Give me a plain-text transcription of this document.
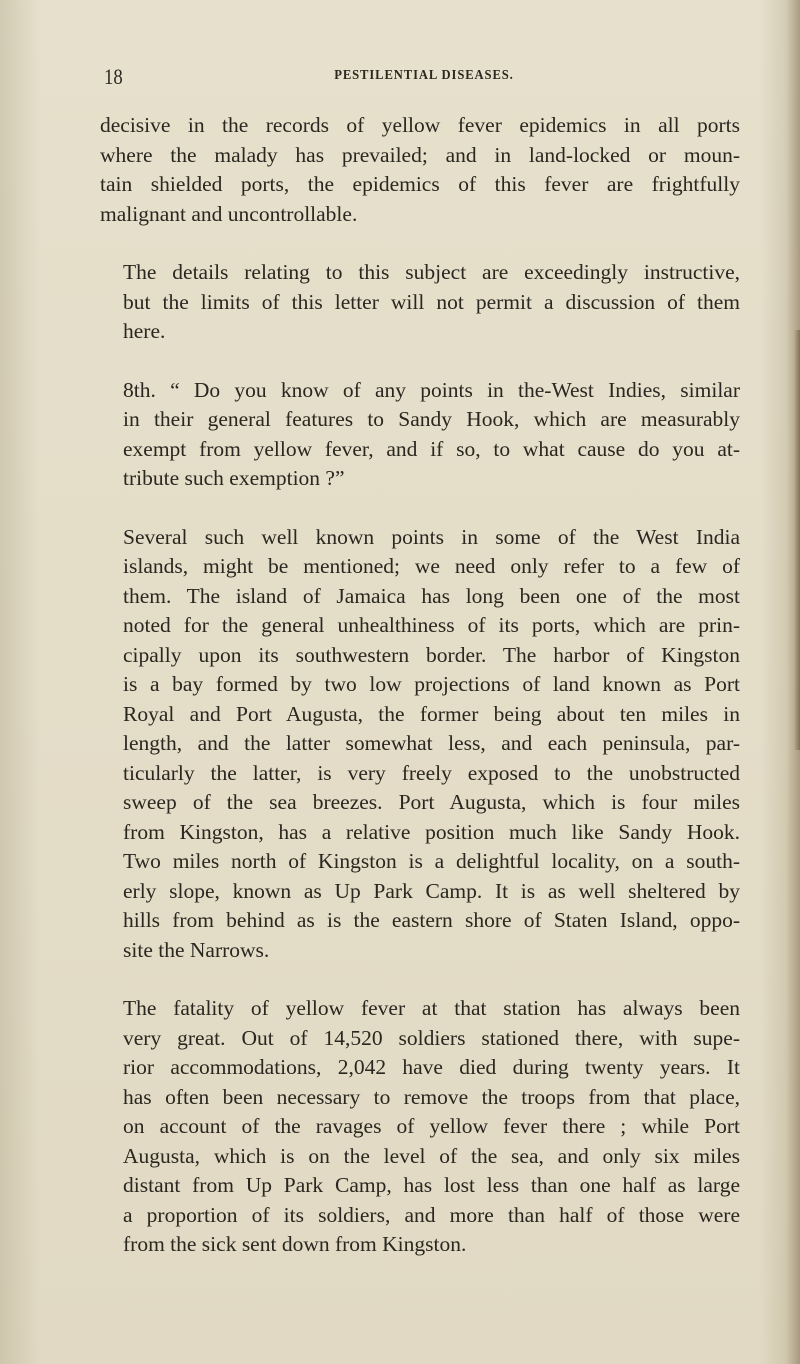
18	PESTILENTIAL DISEASES.

decisive in the records of yellow fever epidemics in all ports
where the malady has prevailed; and in land-locked or moun-
tain shielded ports, the epidemics of this fever are frightfully
malignant and uncontrollable.

The details relating to this subject are exceedingly instructive,
but the limits of this letter will not permit a discussion of them
here.

8th. “ Do you know of any points in the-West Indies, similar
in their general features to Sandy Hook, which are measurably
exempt from yellow fever, and if so, to what cause do you at-
tribute such exemption ?”

Several such well known points in some of the West India
islands, might be mentioned; we need only refer to a few of
them. The island of Jamaica has long been one of the most
noted for the general unhealthiness of its ports, which are prin-
cipally upon its southwestern border. The harbor of Kingston
is a bay formed by two low projections of land known as Port
Royal and Port Augusta, the former being about ten miles in
length, and the latter somewhat less, and each peninsula, par-
ticularly the latter, is very freely exposed to the unobstructed
sweep of the sea breezes. Port Augusta, which is four miles
from Kingston, has a relative position much like Sandy Hook.
Two miles north of Kingston is a delightful locality, on a south-
erly slope, known as Up Park Camp. It is as well sheltered by
hills from behind as is the eastern shore of Staten Island, oppo-
site the Narrows.

The fatality of yellow fever at that station has always been
very great. Out of 14,520 soldiers stationed there, with supe-
rior accommodations, 2,042 have died during twenty years. It
has often been necessary to remove the troops from that place,
on account of the ravages of yellow fever there ; while Port
Augusta, which is on the level of the sea, and only six miles
distant from Up Park Camp, has lost less than one half as large
a proportion of its soldiers, and more than half of those were
from the sick sent down from Kingston.
